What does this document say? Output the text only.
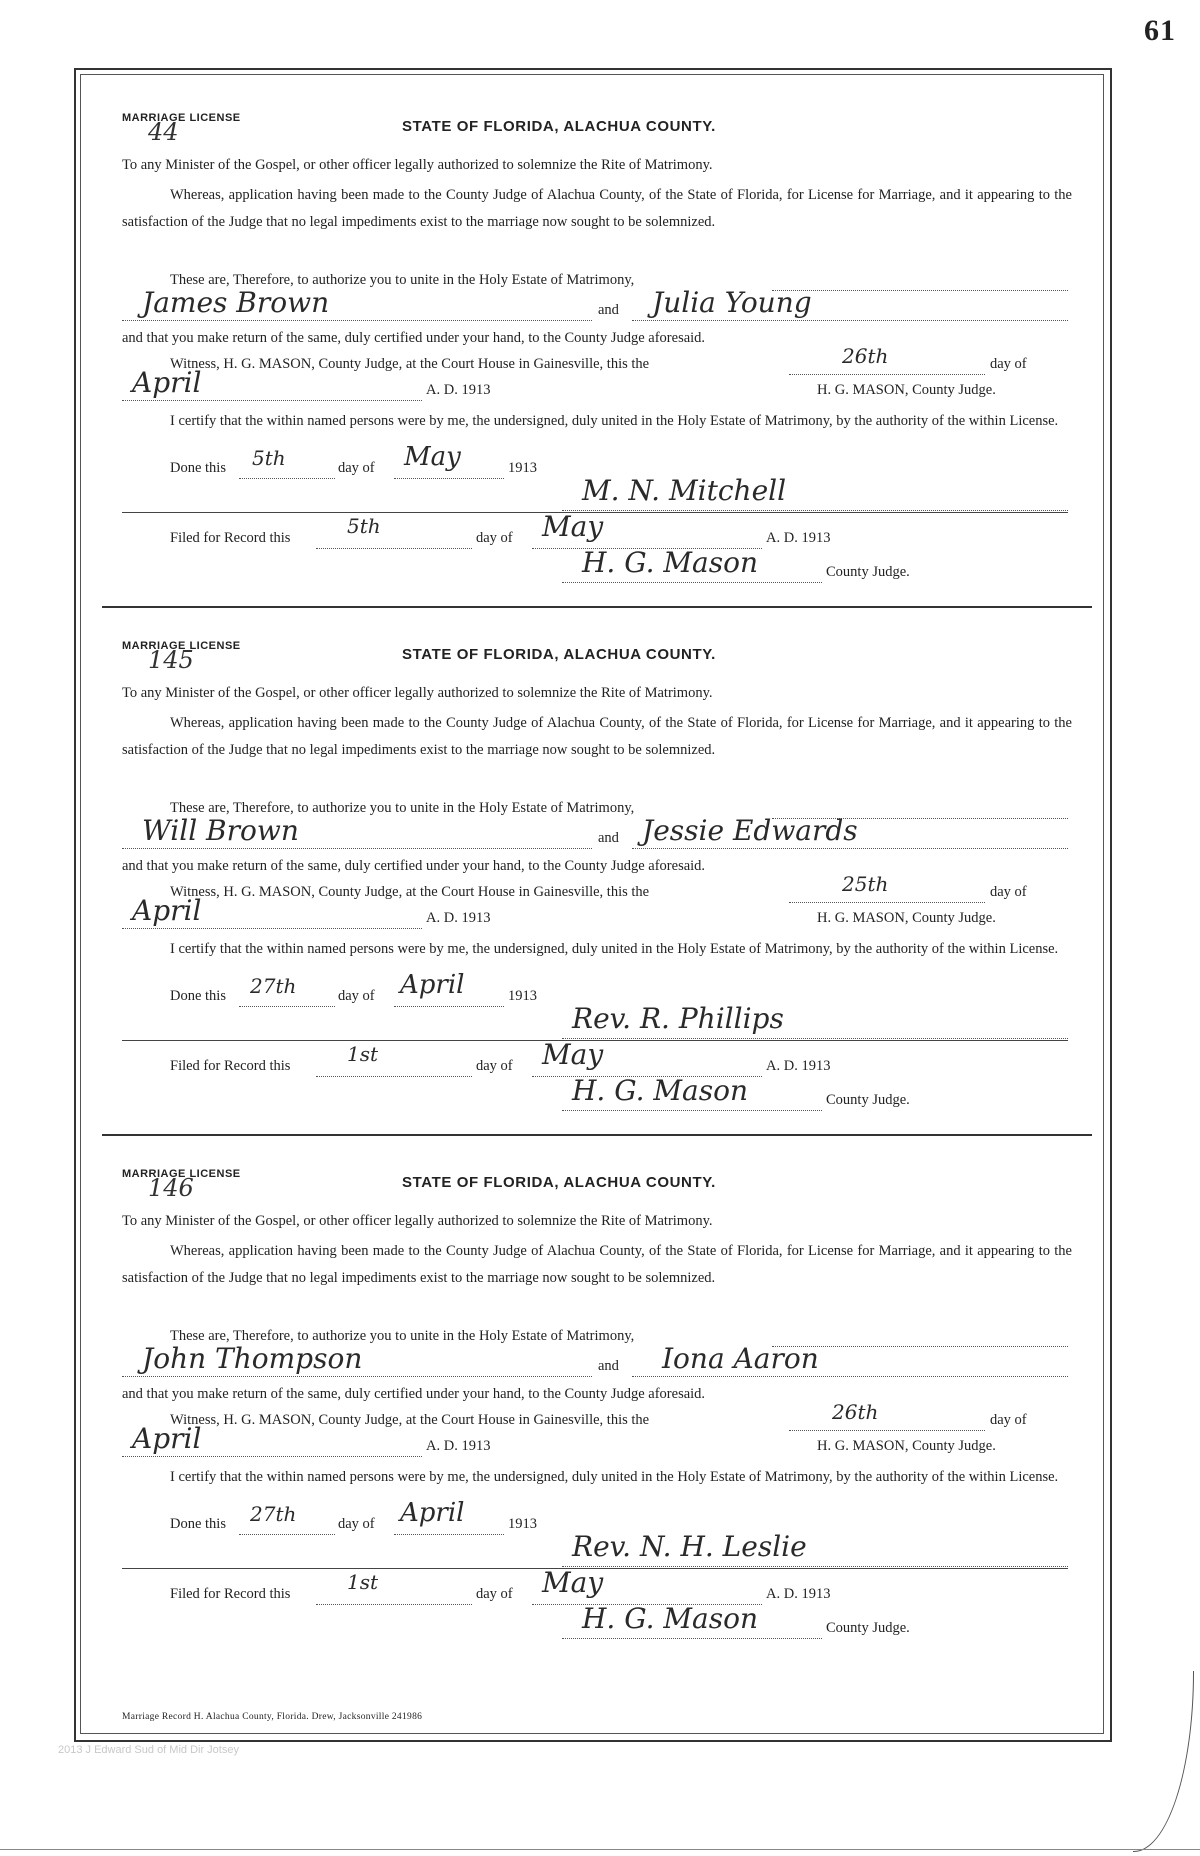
61
MARRIAGE LICENSE
44	STATE OF FLORIDA, ALACHUA COUNTY.
To any Minister of the Gospel, or other officer legally authorized to solemnize the Rite of Matrimony.
Whereas, application having been made to the County Judge of Alachua County, of the State of Florida, for License for Marriage, and it appearing to the satisfaction of the Judge that no legal impediments exist to the marriage now sought to be solemnized.
These are, Therefore, to authorize you to unite in the Holy Estate of Matrimony,
James Brown	and Julia Young
and that you make return of the same, duly certified under your hand, to the County Judge aforesaid.
Witness, H. G. MASON, County Judge, at the Court House in Gainesville, this the	26th	day of
April	A. D. 1913	H. G. MASON, County Judge.
I certify that the within named persons were by me, the undersigned, duly united in the Holy Estate of Matrimony, by the authority of the within License.
Done this 5th	day of May	1913
M. N. Mitchell
Filed for Record this	5th	day of May	A. D. 1913
H. G. Mason	County Judge.
MARRIAGE LICENSE
145	STATE OF FLORIDA, ALACHUA COUNTY.
To any Minister of the Gospel, or other officer legally authorized to solemnize the Rite of Matrimony.
Whereas, application having been made to the County Judge of Alachua County, of the State of Florida, for License for Marriage, and it appearing to the satisfaction of the Judge that no legal impediments exist to the marriage now sought to be solemnized.
These are, Therefore, to authorize you to unite in the Holy Estate of Matrimony,
Will Brown	and Jessie Edwards
and that you make return of the same, duly certified under your hand, to the County Judge aforesaid.
Witness, H. G. MASON, County Judge, at the Court House in Gainesville, this the	25th	day of
April	A. D. 1913	H. G. MASON, County Judge.
I certify that the within named persons were by me, the undersigned, duly united in the Holy Estate of Matrimony, by the authority of the within License.
Done this 27th	day of April	1913
Rev. R. Phillips
Filed for Record this	1st	day of May	A. D. 1913
H. G. Mason	County Judge.
MARRIAGE LICENSE
146	STATE OF FLORIDA, ALACHUA COUNTY.
To any Minister of the Gospel, or other officer legally authorized to solemnize the Rite of Matrimony.
Whereas, application having been made to the County Judge of Alachua County, of the State of Florida, for License for Marriage, and it appearing to the satisfaction of the Judge that no legal impediments exist to the marriage now sought to be solemnized.
These are, Therefore, to authorize you to unite in the Holy Estate of Matrimony,
John Thompson	and Iona Aaron
and that you make return of the same, duly certified under your hand, to the County Judge aforesaid.
Witness, H. G. MASON, County Judge, at the Court House in Gainesville, this the	26th	day of
April	A. D. 1913	H. G. MASON, County Judge.
I certify that the within named persons were by me, the undersigned, duly united in the Holy Estate of Matrimony, by the authority of the within License.
Done this 27th	day of April	1913
Rev. N. H. Leslie
Filed for Record this	1st	day of May	A. D. 1913
H. G. Mason	County Judge.
Marriage Record H. Alachua County, Florida. Drew, Jacksonville 241986
2013 J Edward Sud of Mid Dir Jotsey
